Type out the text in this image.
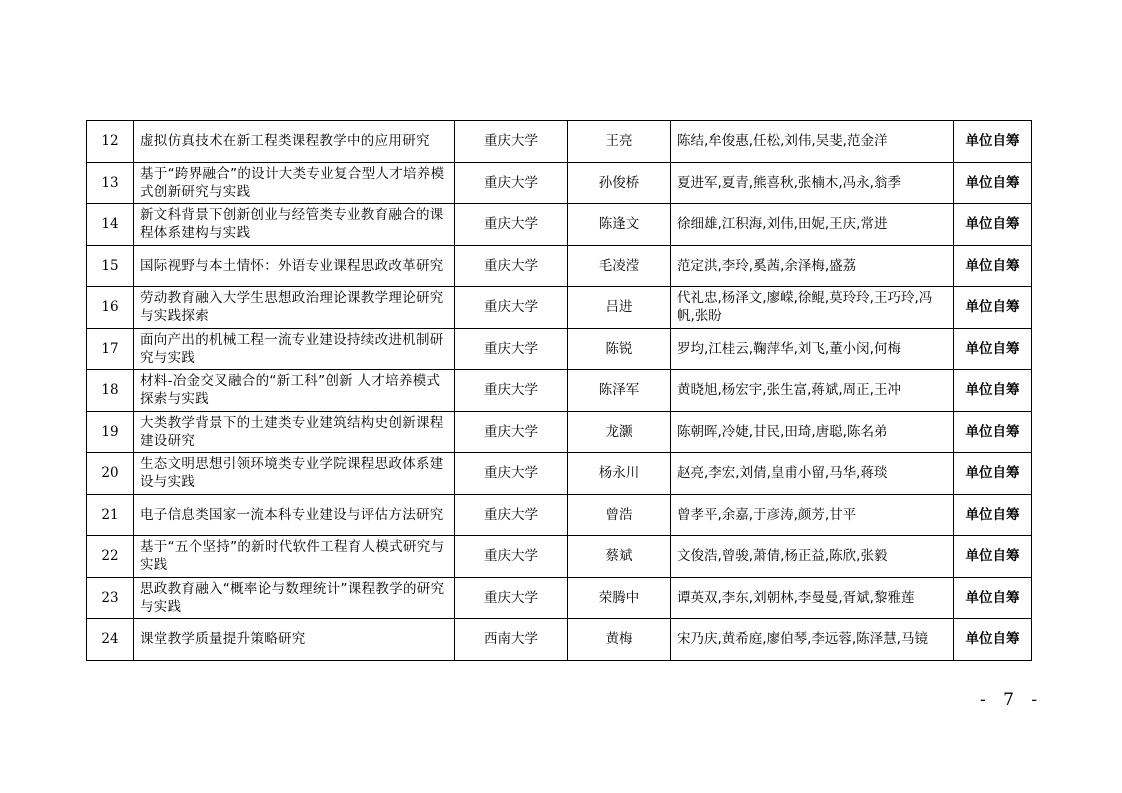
12	虚拟仿真技术在新工程类课程教学中的应用研究	重庆大学	王亮	陈结,牟俊惠,任松,刘伟,吴斐,范金洋	单位自筹
13	基于“跨界融合”的设计大类专业复合型人才培养模式创新研究与实践	重庆大学	孙俊桥	夏进军,夏青,熊喜秋,张楠木,冯永,翁季	单位自筹
14	新文科背景下创新创业与经管类专业教育融合的课程体系建构与实践	重庆大学	陈逢文	徐细雄,江积海,刘伟,田妮,王庆,常进	单位自筹
15	国际视野与本土情怀：外语专业课程思政改革研究	重庆大学	毛凌滢	范定洪,李玲,奚茜,余泽梅,盛荔	单位自筹
16	劳动教育融入大学生思想政治理论课教学理论研究与实践探索	重庆大学	吕进	代礼忠,杨泽文,廖嵘,徐鲲,莫玲玲,王巧玲,冯帆,张盼	单位自筹
17	面向产出的机械工程一流专业建设持续改进机制研究与实践	重庆大学	陈锐	罗均,江桂云,鞠萍华,刘飞,董小闵,何梅	单位自筹
18	材料-冶金交叉融合的“新工科”创新 人才培养模式探索与实践	重庆大学	陈泽军	黄晓旭,杨宏宇,张生富,蒋斌,周正,王冲	单位自筹
19	大类教学背景下的土建类专业建筑结构史创新课程建设研究	重庆大学	龙灏	陈朝晖,冷婕,甘民,田琦,唐聪,陈名弟	单位自筹
20	生态文明思想引领环境类专业学院课程思政体系建设与实践	重庆大学	杨永川	赵亮,李宏,刘倩,皇甫小留,马华,蒋琰	单位自筹
21	电子信息类国家一流本科专业建设与评估方法研究	重庆大学	曾浩	曾孝平,余嘉,于彦涛,颜芳,甘平	单位自筹
22	基于“五个坚持”的新时代软件工程育人模式研究与实践	重庆大学	蔡斌	文俊浩,曾骏,萧倩,杨正益,陈欣,张毅	单位自筹
23	思政教育融入“概率论与数理统计”课程教学的研究与实践	重庆大学	荣腾中	谭英双,李东,刘朝林,李曼曼,胥斌,黎雅莲	单位自筹
24	课堂教学质量提升策略研究	西南大学	黄梅	宋乃庆,黄希庭,廖伯琴,李远蓉,陈泽慧,马镜	单位自筹
- 7 -
